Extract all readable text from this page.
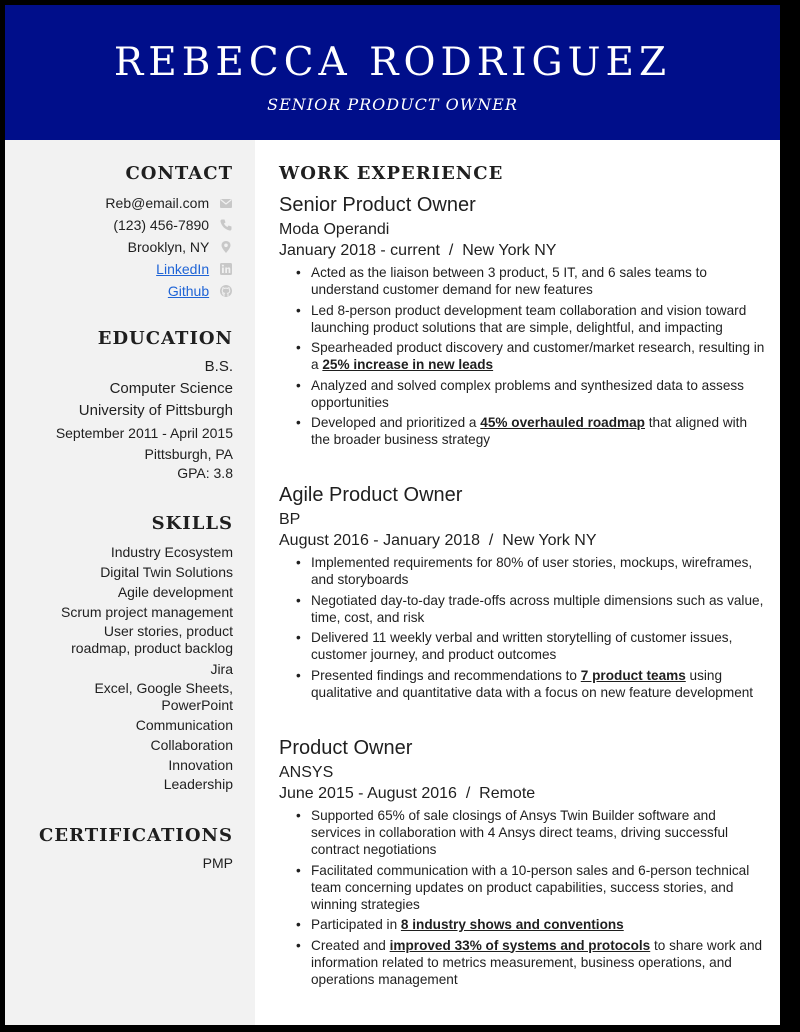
REBECCA RODRIGUEZ
SENIOR PRODUCT OWNER
CONTACT
Reb@email.com
(123) 456-7890
Brooklyn, NY
LinkedIn
Github
EDUCATION
B.S.
Computer Science
University of Pittsburgh
September 2011 - April 2015
Pittsburgh, PA
GPA: 3.8
SKILLS
Industry Ecosystem
Digital Twin Solutions
Agile development
Scrum project management
User stories, product
roadmap, product backlog
Jira
Excel, Google Sheets,
PowerPoint
Communication
Collaboration
Innovation
Leadership
CERTIFICATIONS
PMP
WORK EXPERIENCE
Senior Product Owner
Moda Operandi
January 2018 - current  /  New York NY
• Acted as the liaison between 3 product, 5 IT, and 6 sales teams to understand customer demand for new features
• Led 8-person product development team collaboration and vision toward launching product solutions that are simple, delightful, and impacting
• Spearheaded product discovery and customer/market research, resulting in a 25% increase in new leads
• Analyzed and solved complex problems and synthesized data to assess opportunities
• Developed and prioritized a 45% overhauled roadmap that aligned with the broader business strategy
Agile Product Owner
BP
August 2016 - January 2018  /  New York NY
• Implemented requirements for 80% of user stories, mockups, wireframes, and storyboards
• Negotiated day-to-day trade-offs across multiple dimensions such as value, time, cost, and risk
• Delivered 11 weekly verbal and written storytelling of customer issues, customer journey, and product outcomes
• Presented findings and recommendations to 7 product teams using qualitative and quantitative data with a focus on new feature development
Product Owner
ANSYS
June 2015 - August 2016  /  Remote
• Supported 65% of sale closings of Ansys Twin Builder software and services in collaboration with 4 Ansys direct teams, driving successful contract negotiations
• Facilitated communication with a 10-person sales and 6-person technical team concerning updates on product capabilities, success stories, and winning strategies
• Participated in 8 industry shows and conventions
• Created and improved 33% of systems and protocols to share work and information related to metrics measurement, business operations, and operations management
